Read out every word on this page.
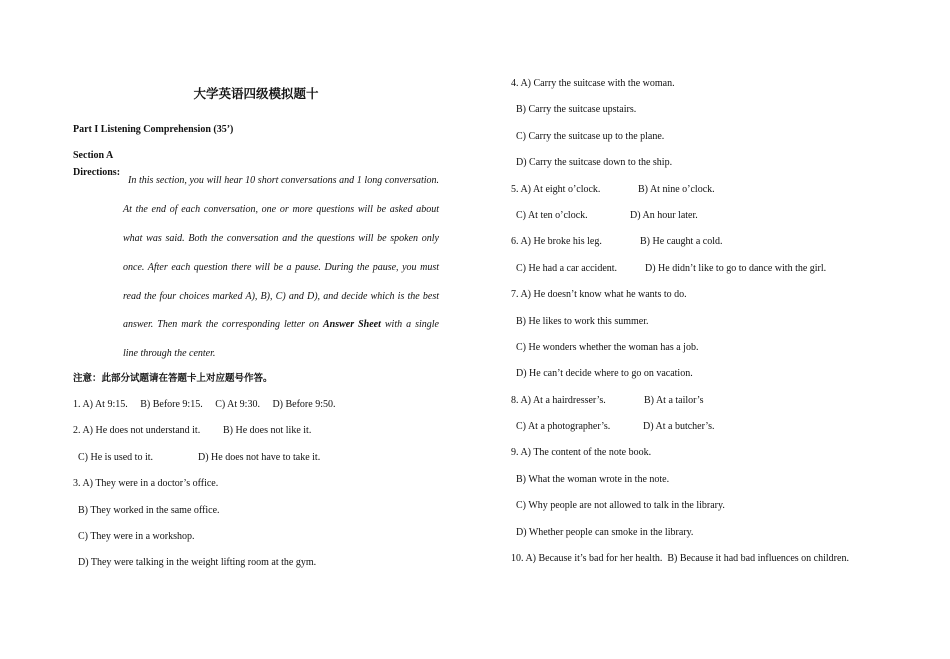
大学英语四级模拟题十
Part I Listening Comprehension (35’)
Section A
Directions:
In this section, you will hear 10 short conversations and 1 long conversation. At the end of each conversation, one or more questions will be asked about what was said. Both the conversation and the questions will be spoken only once. After each question there will be a pause. During the pause, you must read the four choices marked A), B), C) and D), and decide which is the best answer. Then mark the corresponding letter on Answer Sheet with a single line through the center.
注意：此部分试题请在答题卡上对应题号作答。
1. A) At 9:15.     B) Before 9:15.     C) At 9:30.     D) Before 9:50.
2. A) He does not understand it. B) He does not like it.
C) He is used to it.	D) He does not have to take it.
3. A) They were in a doctor’s office.
B) They worked in the same office.
C) They were in a workshop.
D) They were talking in the weight lifting room at the gym.
4. A) Carry the suitcase with the woman.
B) Carry the suitcase upstairs.
C) Carry the suitcase up to the plane.
D) Carry the suitcase down to the ship.
5. A) At eight o’clock.	B) At nine o’clock.
C) At ten o’clock.	D) An hour later.
6. A) He broke his leg.	B) He caught a cold.
C) He had a car accident.	D) He didn’t like to go to dance with the girl.
7. A) He doesn’t know what he wants to do.
B) He likes to work this summer.
C) He wonders whether the woman has a job.
D) He can’t decide where to go on vacation.
8. A) At a hairdresser’s.	B) At a tailor’s
C) At a photographer’s.	D) At a butcher’s.
9. A) The content of the note book.
B) What the woman wrote in the note.
C) Why people are not allowed to talk in the library.
D) Whether people can smoke in the library.
10. A) Because it’s bad for her health.  B) Because it had bad influences on children.
